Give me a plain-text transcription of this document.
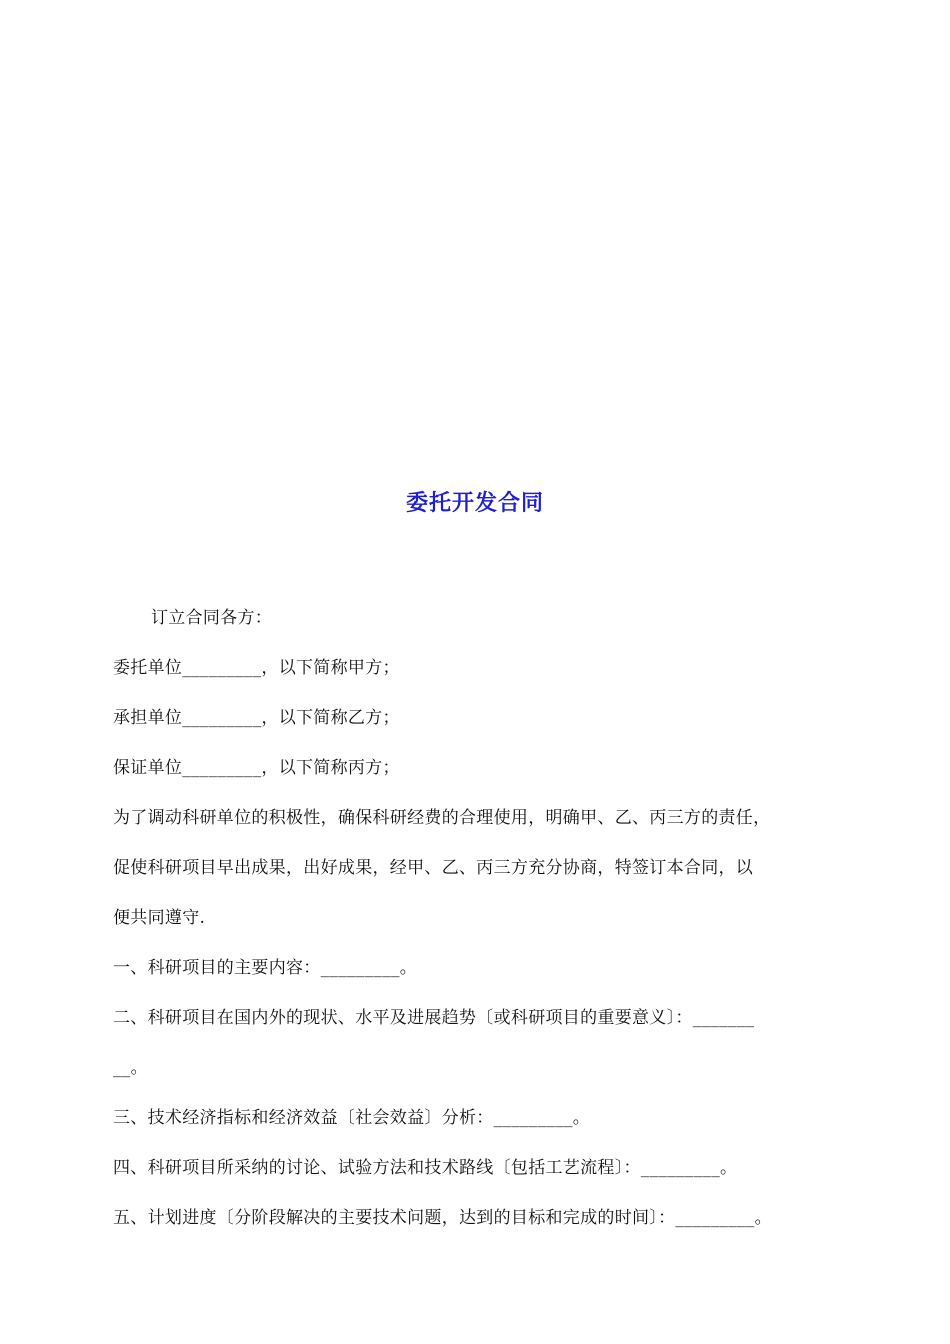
委托开发合同
订立合同各方：
委托单位_________，以下简称甲方；
承担单位_________，以下简称乙方；
保证单位_________，以下简称丙方；
为了调动科研单位的积极性，确保科研经费的合理使用，明确甲、乙、丙三方的责任，
促使科研项目早出成果，出好成果，经甲、乙、丙三方充分协商，特签订本合同，以
便共同遵守.
一、科研项目的主要内容：_________。
二、科研项目在国内外的现状、水平及进展趋势〔或科研项目的重要意义〕：_______
__。
三、技术经济指标和经济效益〔社会效益〕分析：_________。
四、科研项目所采纳的讨论、试验方法和技术路线〔包括工艺流程〕：_________。
五、计划进度〔分阶段解决的主要技术问题，达到的目标和完成的时间〕：_________。
